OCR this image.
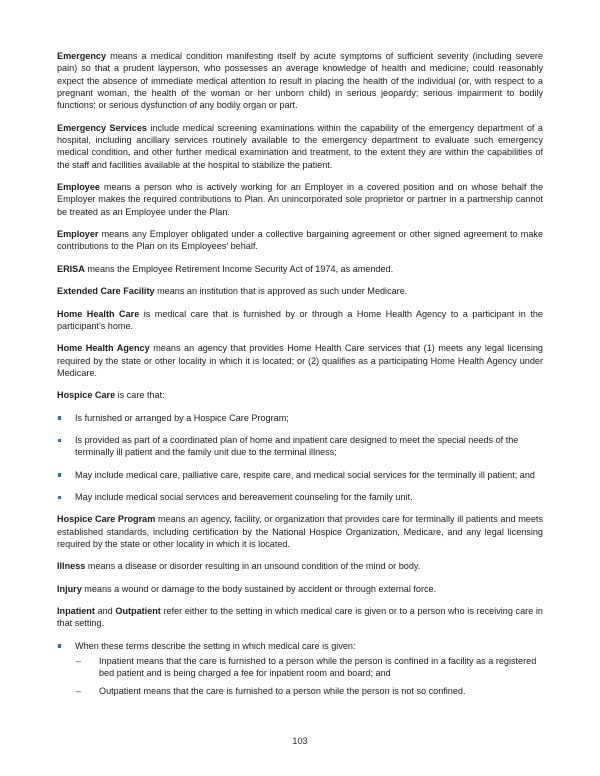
Emergency means a medical condition manifesting itself by acute symptoms of sufficient severity (including severe pain) so that a prudent layperson, who possesses an average knowledge of health and medicine, could reasonably expect the absence of immediate medical attention to result in placing the health of the individual (or, with respect to a pregnant woman, the health of the woman or her unborn child) in serious jeopardy; serious impairment to bodily functions; or serious dysfunction of any bodily organ or part.

Emergency Services include medical screening examinations within the capability of the emergency department of a hospital, including ancillary services routinely available to the emergency department to evaluate such emergency medical condition, and other further medical examination and treatment, to the extent they are within the capabilities of the staff and facilities available at the hospital to stabilize the patient.

Employee means a person who is actively working for an Employer in a covered position and on whose behalf the Employer makes the required contributions to Plan. An unincorporated sole proprietor or partner in a partnership cannot be treated as an Employee under the Plan.

Employer means any Employer obligated under a collective bargaining agreement or other signed agreement to make contributions to the Plan on its Employees' behalf.

ERISA means the Employee Retirement Income Security Act of 1974, as amended.

Extended Care Facility means an institution that is approved as such under Medicare.

Home Health Care is medical care that is furnished by or through a Home Health Agency to a participant in the participant's home.

Home Health Agency means an agency that provides Home Health Care services that (1) meets any legal licensing required by the state or other locality in which it is located; or (2) qualifies as a participating Home Health Agency under Medicare.

Hospice Care is care that:

Is furnished or arranged by a Hospice Care Program;
Is provided as part of a coordinated plan of home and inpatient care designed to meet the special needs of the terminally ill patient and the family unit due to the terminal illness;
May include medical care, palliative care, respite care, and medical social services for the terminally ill patient; and
May include medical social services and bereavement counseling for the family unit.

Hospice Care Program means an agency, facility, or organization that provides care for terminally ill patients and meets established standards, including certification by the National Hospice Organization, Medicare, and any legal licensing required by the state or other locality in which it is located.

Illness means a disease or disorder resulting in an unsound condition of the mind or body.

Injury means a wound or damage to the body sustained by accident or through external force.

Inpatient and Outpatient refer either to the setting in which medical care is given or to a person who is receiving care in that setting.

When these terms describe the setting in which medical care is given:
–	Inpatient means that the care is furnished to a person while the person is confined in a facility as a registered bed patient and is being charged a fee for inpatient room and board; and
–	Outpatient means that the care is furnished to a person while the person is not so confined.
103
